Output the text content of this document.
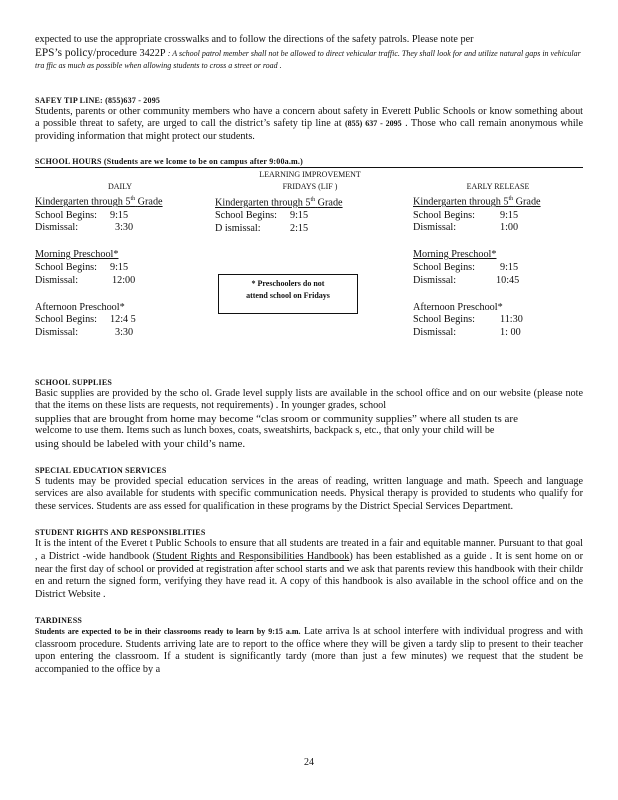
expected to use the appropriate crosswalks and to follow the directions of the safety patrols. Please note per

EPS’s policy/procedure 3422P : A school patrol member shall not be allowed to direct vehicular traffic. They shall look for and utilize natural gaps in vehicular tra ffic as much as possible when allowing students to cross a street or road .

SAFEY TIP LINE: (855)637 - 2095

Students, parents or other community members who have a concern about safety in Everett Public Schools or know something about a possible threat to safety, are urged to call the district’s safety tip line at (855) 637 - 2095 . Those who call remain anonymous while providing information that might protect our students.

SCHOOL HOURS (Students are we lcome to be on campus after 9:00a.m.)

DAILY
Kindergarten through 5th Grade
School Begins: 9:15
Dismissal:	3:30
Morning Preschool*
School Begins: 9:15
Dismissal:	12:00
Afternoon Preschool*
School Begins: 12:4 5
Dismissal:	3:30
LEARNING IMPROVEMENT
FRIDAYS (LIF )
Kindergarten through 5th Grade
School Begins: 9:15
D ismissal:	2:15
EARLY RELEASE
Kindergarten through 5th Grade
School Begins: 9:15
Dismissal:	1:00
Morning Preschool*
School Begins: 9:15
Dismissal:	10:45
Afternoon Preschool*
School Begins: 11:30
Dismissal:	1: 00
* Preschoolers do not
attend school on Fridays

SCHOOL SUPPLIES

Basic supplies are provided by the scho ol. Grade level supply lists are available in the school office and on our website (please note that the items on these lists are requests, not requirements) . In younger grades, school

supplies that are brought from home may become “clas sroom or community supplies” where all studen ts are

welcome to use them. Items such as lunch boxes, coats, sweatshirts, backpack s, etc., that only your child will be

using should be labeled with your child’s name.

SPECIAL EDUCATION SERVICES

S tudents may be provided special education services in the areas of reading, written language and math. Speech and language services are also available for students with specific communication needs. Physical therapy is provided to students who qualify for these services. Students are ass essed for qualification in these programs by the District Special Services Department.

STUDENT RIGHTS AND RESPONSIBLITIES

It is the intent of the Everet t Public Schools to ensure that all students are treated in a fair and equitable manner. Pursuant to that goal , a District -wide handbook (Student Rights and Responsibilities Handbook) has been established as a guide . It is sent home on or near the first day of school or provided at registration after school starts and we ask that parents review this handbook with their childr en and return the signed form, verifying they have read it. A copy of this handbook is also available in the school office and on the District Website .

TARDINESS

Students are expected to be in their classrooms ready to learn by 9:15 a.m. Late arriva ls at school interfere with individual progress and with classroom procedure. Students arriving late are to report to the office where they will be given a tardy slip to present to their teacher upon entering the classroom. If a student is significantly tardy (more than just a few minutes) we request that the student be accompanied to the office by a

24
